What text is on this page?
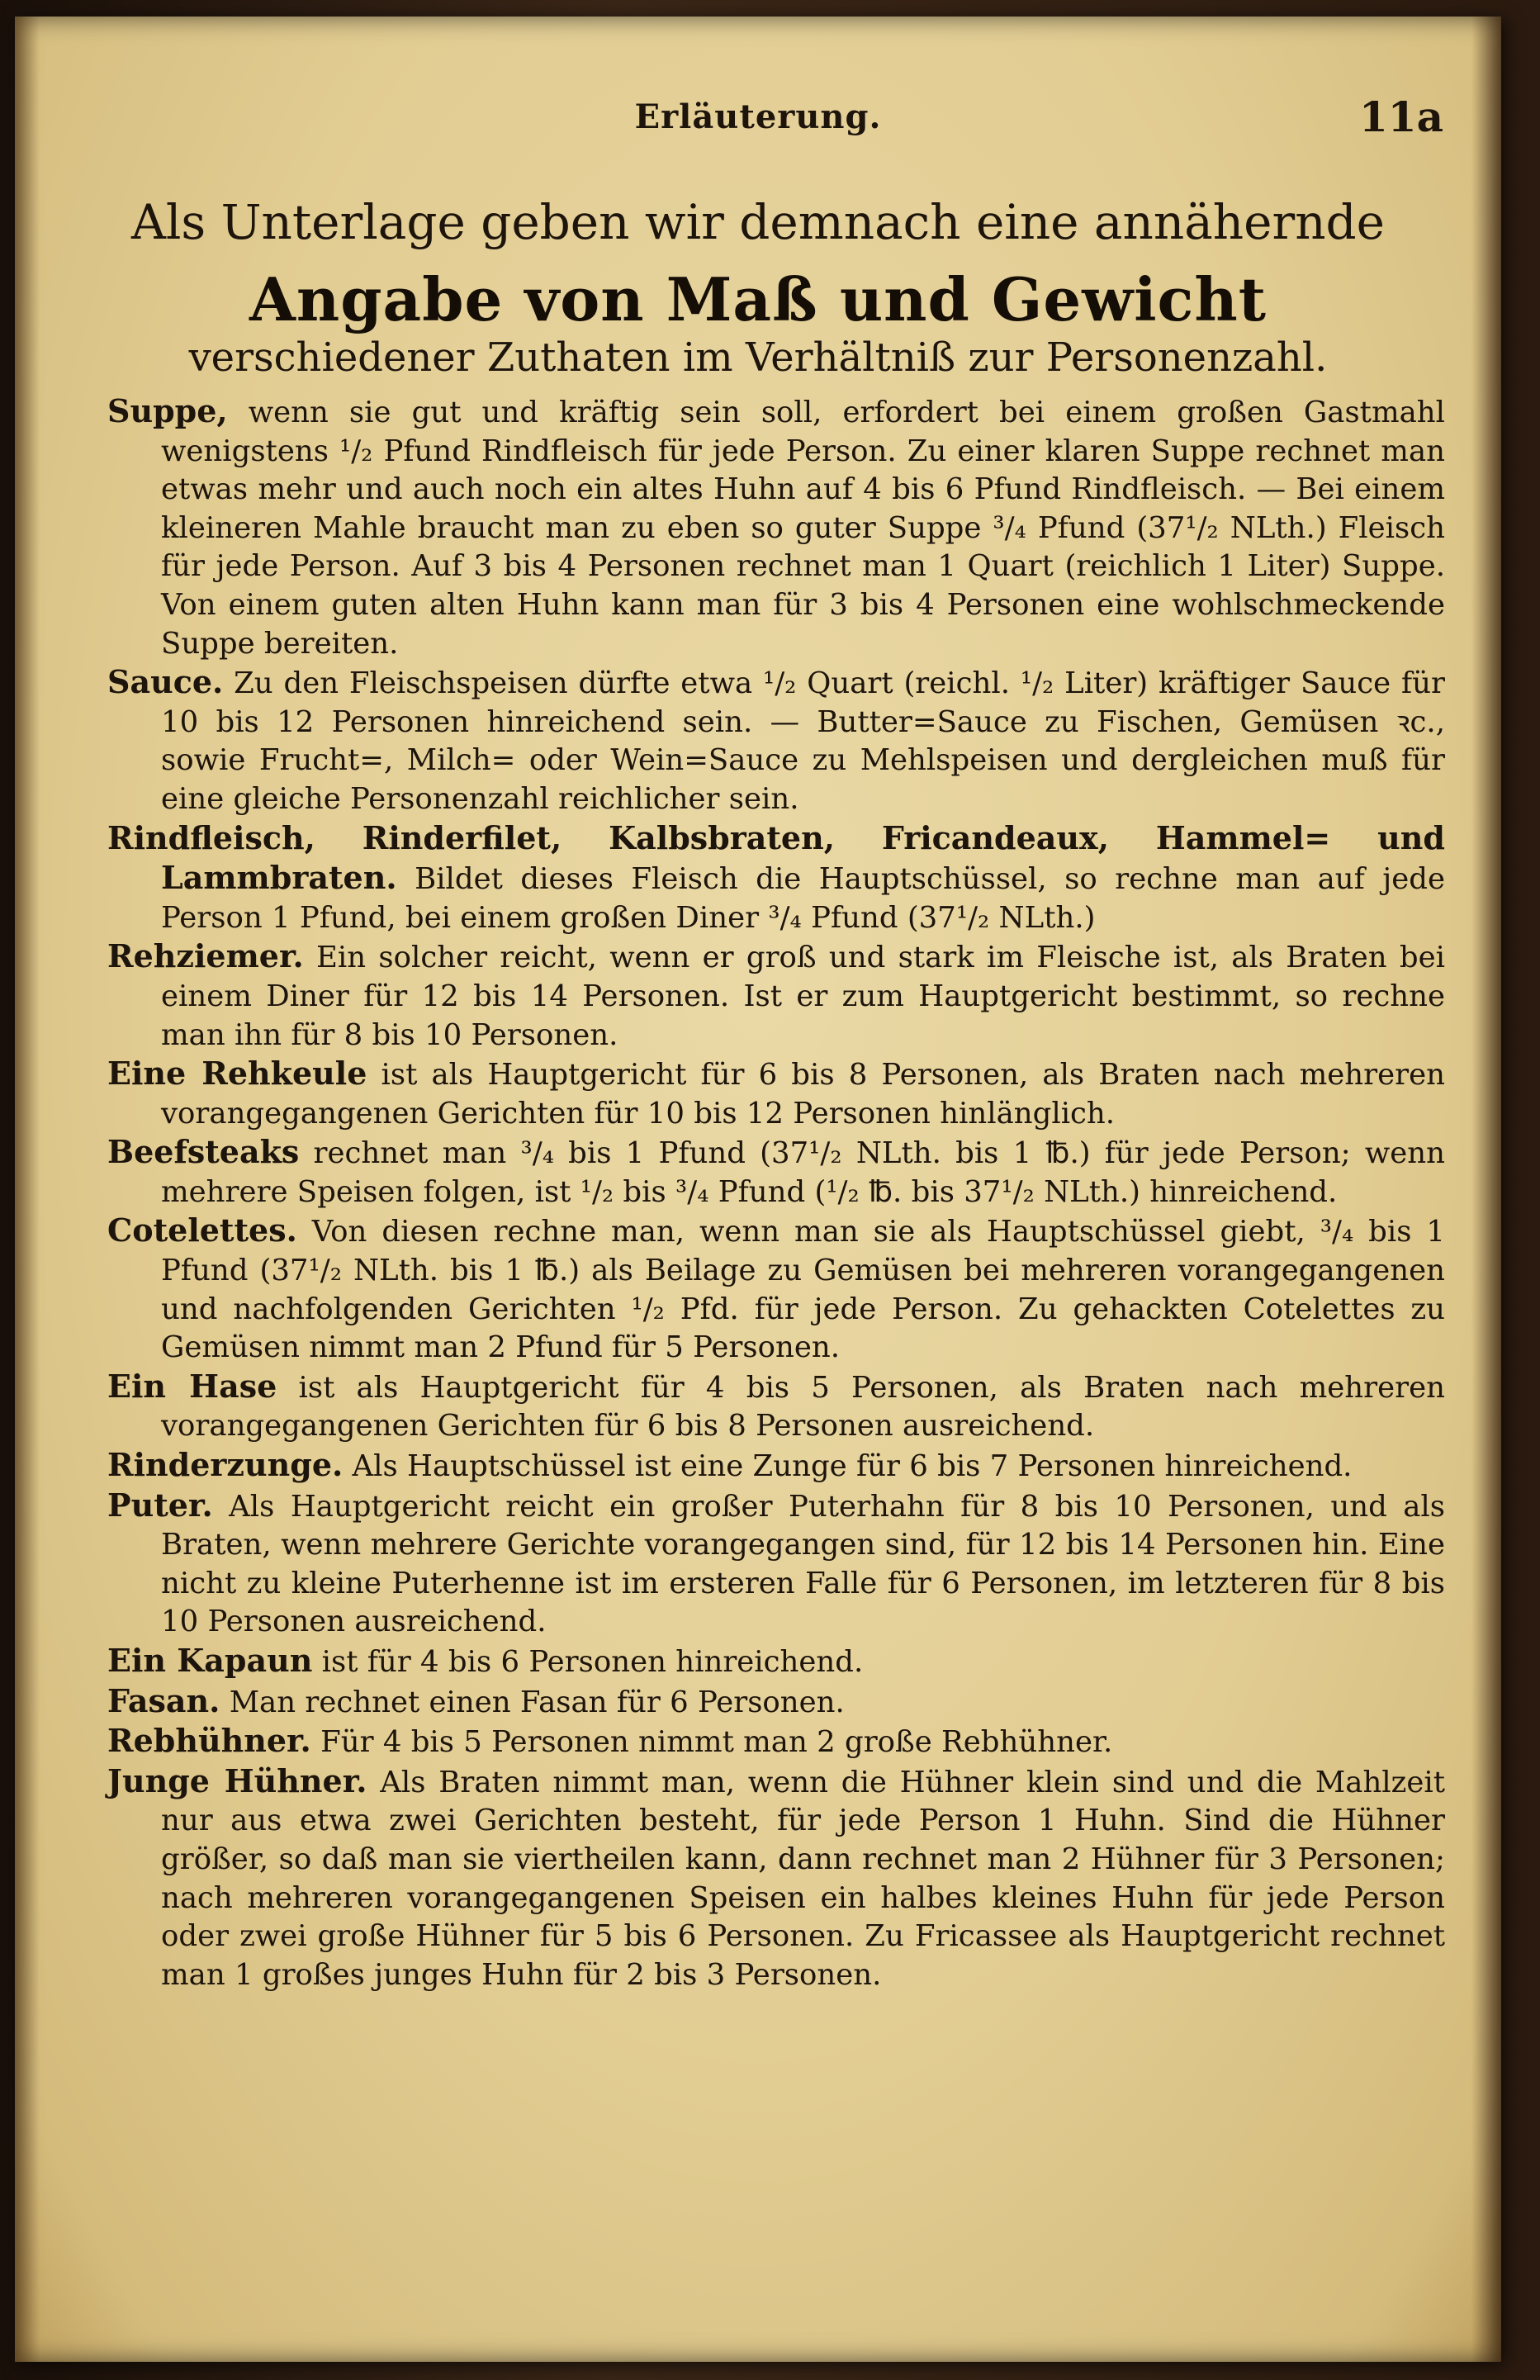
Erläuterung.	11a
Als Unterlage geben wir demnach eine annähernde
Angabe von Maß und Gewicht
verschiedener Zuthaten im Verhältniß zur Personenzahl.

Suppe, wenn sie gut und kräftig sein soll, erfordert bei einem großen Gastmahl wenigstens ¹/₂ Pfund Rindfleisch für jede Person. Zu einer klaren Suppe rechnet man etwas mehr und auch noch ein altes Huhn auf 4 bis 6 Pfund Rindfleisch. — Bei einem kleineren Mahle braucht man zu eben so guter Suppe ³/₄ Pfund (37¹/₂ NLth.) Fleisch für jede Person. Auf 3 bis 4 Personen rechnet man 1 Quart (reichlich 1 Liter) Suppe. Von einem guten alten Huhn kann man für 3 bis 4 Personen eine wohlschmeckende Suppe bereiten.

Sauce. Zu den Fleischspeisen dürfte etwa ¹/₂ Quart (reichl. ¹/₂ Liter) kräftiger Sauce für 10 bis 12 Personen hinreichend sein. — Butter=Sauce zu Fischen, Gemüsen ꝛc., sowie Frucht=, Milch= oder Wein=Sauce zu Mehlspeisen und dergleichen muß für eine gleiche Personenzahl reichlicher sein.

Rindfleisch, Rinderfilet, Kalbsbraten, Fricandeaux, Hammel= und Lammbraten. Bildet dieses Fleisch die Hauptschüssel, so rechne man auf jede Person 1 Pfund, bei einem großen Diner ³/₄ Pfund (37¹/₂ NLth.)

Rehziemer. Ein solcher reicht, wenn er groß und stark im Fleische ist, als Braten bei einem Diner für 12 bis 14 Personen. Ist er zum Hauptgericht bestimmt, so rechne man ihn für 8 bis 10 Personen.

Eine Rehkeule ist als Hauptgericht für 6 bis 8 Personen, als Braten nach mehreren vorangegangenen Gerichten für 10 bis 12 Personen hinlänglich.

Beefsteaks rechnet man ³/₄ bis 1 Pfund (37¹/₂ NLth. bis 1 ℔.) für jede Person; wenn mehrere Speisen folgen, ist ¹/₂ bis ³/₄ Pfund (¹/₂ ℔. bis 37¹/₂ NLth.) hinreichend.

Cotelettes. Von diesen rechne man, wenn man sie als Hauptschüssel giebt, ³/₄ bis 1 Pfund (37¹/₂ NLth. bis 1 ℔.) als Beilage zu Gemüsen bei mehreren vorangegangenen und nachfolgenden Gerichten ¹/₂ Pfd. für jede Person. Zu gehackten Cotelettes zu Gemüsen nimmt man 2 Pfund für 5 Personen.

Ein Hase ist als Hauptgericht für 4 bis 5 Personen, als Braten nach mehreren vorangegangenen Gerichten für 6 bis 8 Personen ausreichend.

Rinderzunge. Als Hauptschüssel ist eine Zunge für 6 bis 7 Personen hinreichend.

Puter. Als Hauptgericht reicht ein großer Puterhahn für 8 bis 10 Personen, und als Braten, wenn mehrere Gerichte vorangegangen sind, für 12 bis 14 Personen hin. Eine nicht zu kleine Puterhenne ist im ersteren Falle für 6 Personen, im letzteren für 8 bis 10 Personen ausreichend.

Ein Kapaun ist für 4 bis 6 Personen hinreichend.

Fasan. Man rechnet einen Fasan für 6 Personen.

Rebhühner. Für 4 bis 5 Personen nimmt man 2 große Rebhühner.

Junge Hühner. Als Braten nimmt man, wenn die Hühner klein sind und die Mahlzeit nur aus etwa zwei Gerichten besteht, für jede Person 1 Huhn. Sind die Hühner größer, so daß man sie viertheilen kann, dann rechnet man 2 Hühner für 3 Personen; nach mehreren vorangegangenen Speisen ein halbes kleines Huhn für jede Person oder zwei große Hühner für 5 bis 6 Personen. Zu Fricassee als Hauptgericht rechnet man 1 großes junges Huhn für 2 bis 3 Personen.
